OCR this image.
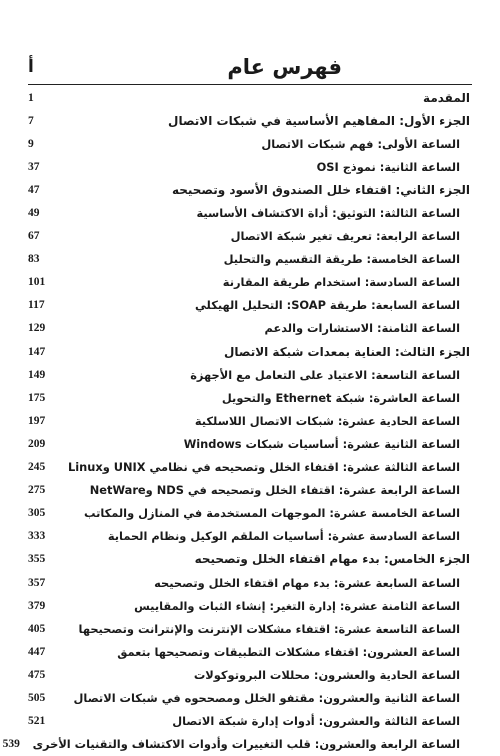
فهرس عام
أ
المقدمة
1
الجزء الأول: المفاهيم الأساسية في شبكات الاتصال
7
الساعة الأولى: فهم شبكات الاتصال
9
الساعة الثانية: نموذج OSI
37
الجزء الثاني: اقتفاء خلل الصندوق الأسود وتصحيحه
47
الساعة الثالثة: التوثيق: أداة الاكتشاف الأساسية
49
الساعة الرابعة: تعريف تغير شبكة الاتصال
67
الساعة الخامسة: طريقة التقسيم والتحليل
83
الساعة السادسة: استخدام طريقة المقارنة
101
الساعة السابعة: طريقة SOAP: التحليل الهيكلي
117
الساعة الثامنة: الاستشارات والدعم
129
الجزء الثالث: العناية بمعدات شبكة الاتصال
147
الساعة التاسعة: الاعتياد على التعامل مع الأجهزة
149
الساعة العاشرة: شبكة Ethernet والتحويل
175
الساعة الحادية عشرة: شبكات الاتصال اللاسلكية
197
الساعة الثانية عشرة: أساسيات شبكات Windows
209
الساعة الثالثة عشرة: اقتفاء الخلل وتصحيحه في نظامي UNIX وLinux
245
الساعة الرابعة عشرة: اقتفاء الخلل وتصحيحه في NDS وNetWare
275
الساعة الخامسة عشرة: الموجهات المستخدمة في المنازل والمكاتب
305
الساعة السادسة عشرة: أساسيات الملقم الوكيل ونظام الحماية
333
الجزء الخامس: بدء مهام اقتفاء الخلل وتصحيحه
355
الساعة السابعة عشرة: بدء مهام اقتفاء الخلل وتصحيحه
357
الساعة الثامنة عشرة: إدارة التغير: إنشاء الثبات والمقاييس
379
الساعة التاسعة عشرة: اقتفاء مشكلات الإنترنت والإنترانت وتصحيحها
405
الساعة العشرون: اقتفاء مشكلات التطبيقات وتصحيحها بتعمق
447
الساعة الحادية والعشرون: محللات البروتوكولات
475
الساعة الثانية والعشرون: مقتفو الخلل ومصححوه في شبكات الاتصال
505
الساعة الثالثة والعشرون: أدوات إدارة شبكة الاتصال
521
الساعة الرابعة والعشرون: قلب التغييرات وأدوات الاكتشاف والتقنيات الأخرى
539
